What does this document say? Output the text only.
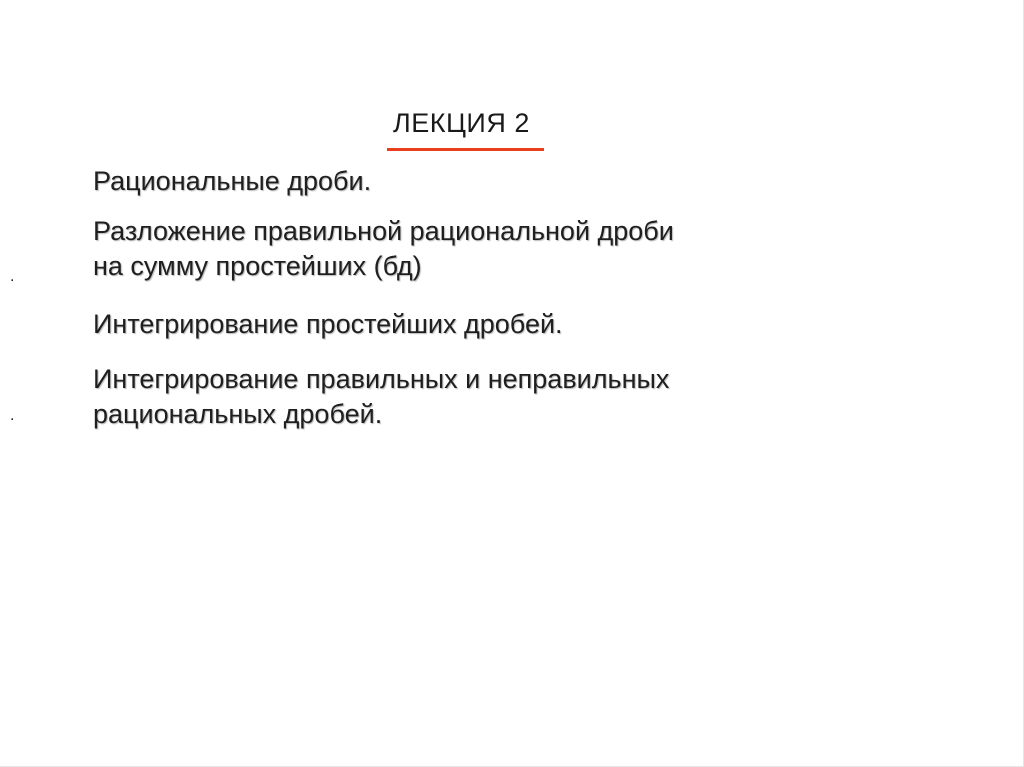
ЛЕКЦИЯ 2
Рациональные дроби.
Разложение правильной рациональной дроби
на сумму простейших (бд)
Интегрирование простейших дробей.
Интегрирование правильных и неправильных
рациональных дробей.
.
.
